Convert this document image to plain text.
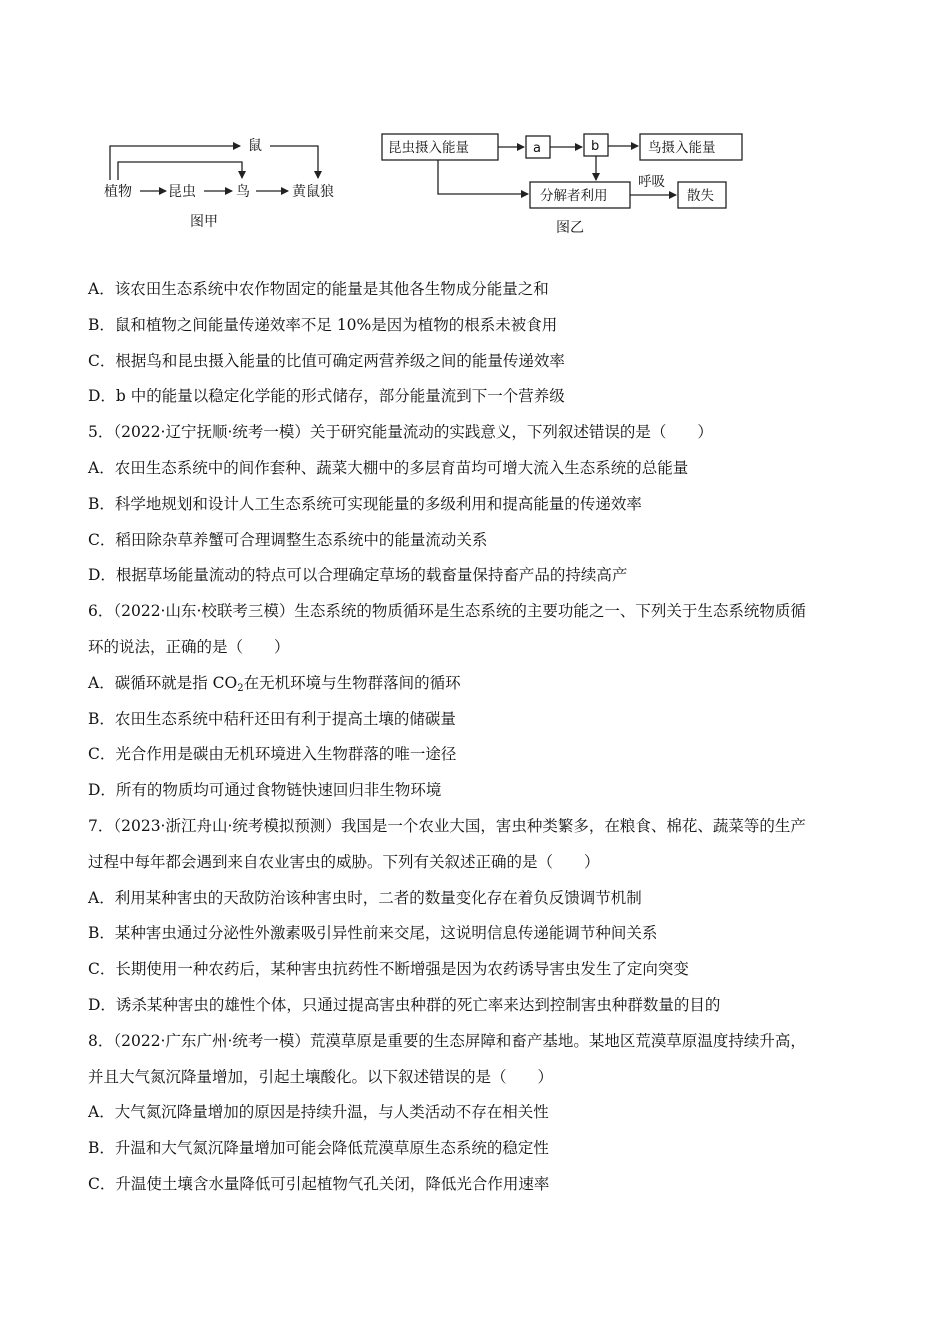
鼠
植物	昆虫	鸟	黄鼠狼
图甲
昆虫摄入能量	a	b	鸟摄入能量
分解者利用
呼吸
散失
图乙
A．该农田生态系统中农作物固定的能量是其他各生物成分能量之和
B．鼠和植物之间能量传递效率不足 10%是因为植物的根系未被食用
C．根据鸟和昆虫摄入能量的比值可确定两营养级之间的能量传递效率
D．b 中的能量以稳定化学能的形式储存，部分能量流到下一个营养级
5．（2022·辽宁抚顺·统考一模）关于研究能量流动的实践意义，下列叙述错误的是（　　）
A．农田生态系统中的间作套种、蔬菜大棚中的多层育苗均可增大流入生态系统的总能量
B．科学地规划和设计人工生态系统可实现能量的多级利用和提高能量的传递效率
C．稻田除杂草养蟹可合理调整生态系统中的能量流动关系
D．根据草场能量流动的特点可以合理确定草场的载畜量保持畜产品的持续高产
6．（2022·山东·校联考三模）生态系统的物质循环是生态系统的主要功能之一、下列关于生态系统物质循
环的说法，正确的是（　　）
A．碳循环就是指 $CO_2$在无机环境与生物群落间的循环
B．农田生态系统中秸秆还田有利于提高土壤的储碳量
C．光合作用是碳由无机环境进入生物群落的唯一途径
D．所有的物质均可通过食物链快速回归非生物环境
7．（2023·浙江舟山·统考模拟预测）我国是一个农业大国，害虫种类繁多，在粮食、棉花、蔬菜等的生产
过程中每年都会遇到来自农业害虫的威胁。下列有关叙述正确的是（　　）
A．利用某种害虫的天敌防治该种害虫时，二者的数量变化存在着负反馈调节机制
B．某种害虫通过分泌性外激素吸引异性前来交尾，这说明信息传递能调节种间关系
C．长期使用一种农药后，某种害虫抗药性不断增强是因为农药诱导害虫发生了定向突变
D．诱杀某种害虫的雄性个体，只通过提高害虫种群的死亡率来达到控制害虫种群数量的目的
8．（2022·广东广州·统考一模）荒漠草原是重要的生态屏障和畜产基地。某地区荒漠草原温度持续升高，
并且大气氮沉降量增加，引起土壤酸化。以下叙述错误的是（　　）
A．大气氮沉降量增加的原因是持续升温，与人类活动不存在相关性
B．升温和大气氮沉降量增加可能会降低荒漠草原生态系统的稳定性
C．升温使土壤含水量降低可引起植物气孔关闭，降低光合作用速率
